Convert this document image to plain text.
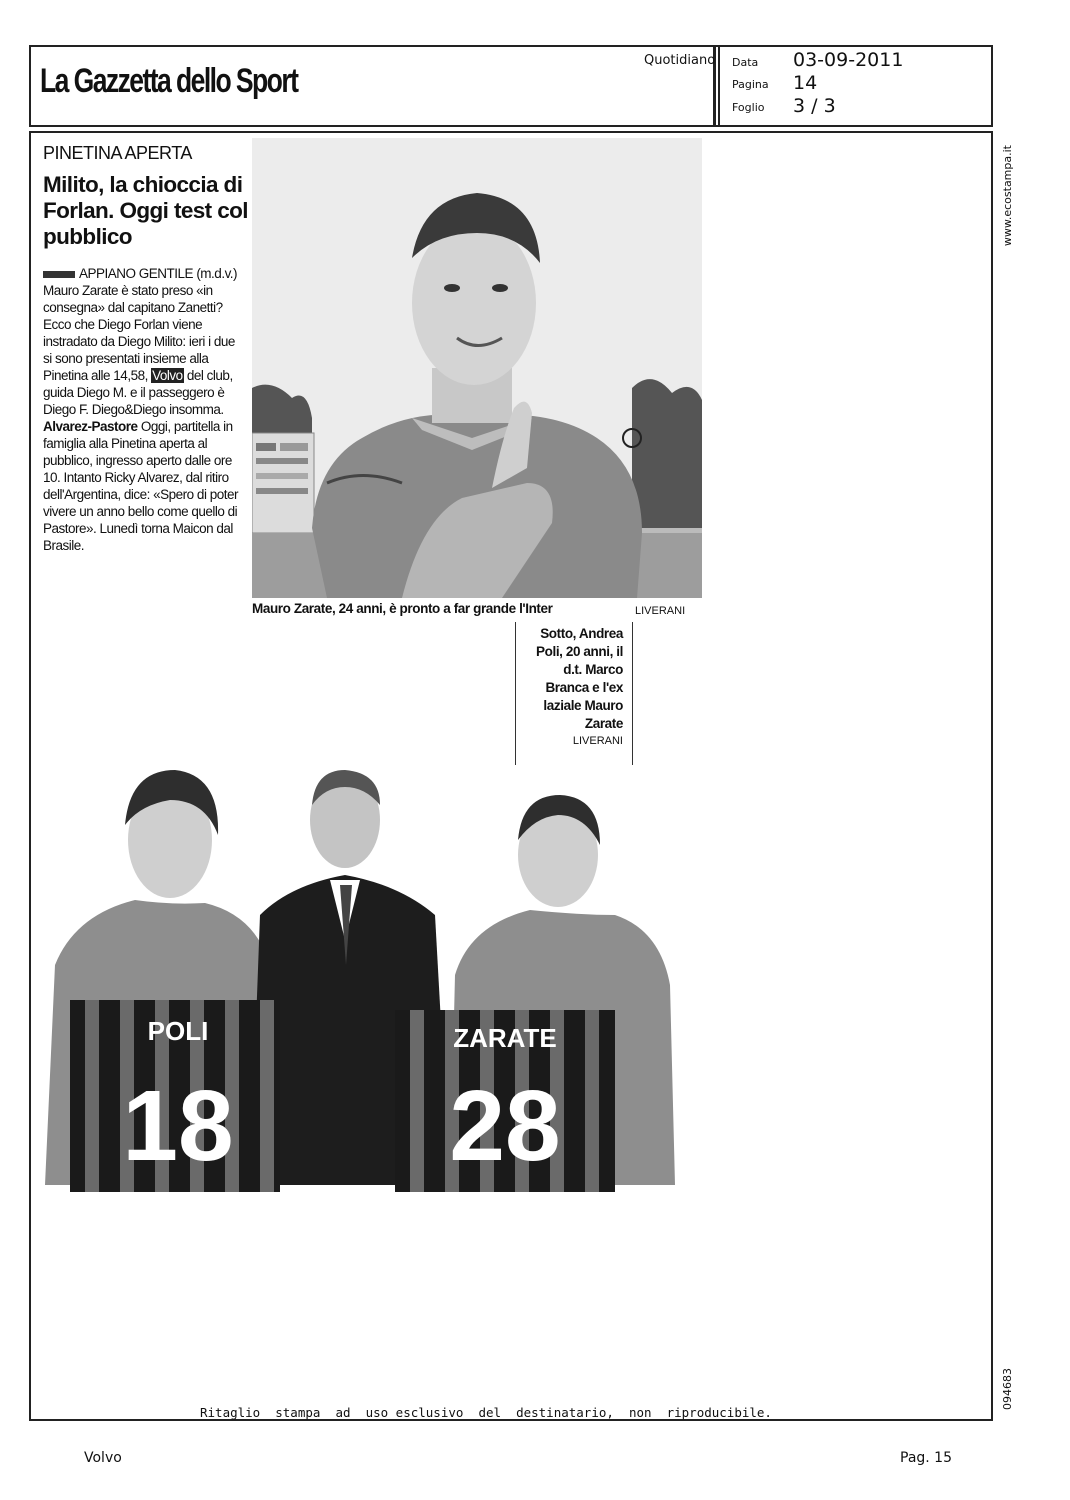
La Gazzetta dello Sport
Quotidiano Data 03-09-2011
Pagina 14
Foglio 3 / 3
www.ecostampa.it
094683
Ritaglio  stampa  ad  uso esclusivo  del  destinatario,  non  riproducibile.
PINETINA APERTA
Milito, la chioccia di Forlan. Oggi test col pubblico
APPIANO GENTILE (m.d.v.) Mauro Zarate è stato preso «in consegna» dal capitano Zanetti? Ecco che Diego Forlan viene instradato da Diego Milito: ieri i due si sono presentati insieme alla Pinetina alle 14,58, Volvo del club, guida Diego M. e il passeggero è Diego F. Diego&Diego insomma. Alvarez-Pastore Oggi, partitella in famiglia alla Pinetina aperta al pubblico, ingresso aperto dalle ore 10. Intanto Ricky Alvarez, dal ritiro dell'Argentina, dice: «Spero di poter vivere un anno bello come quello di Pastore». Lunedì torna Maicon dal Brasile.
Mauro Zarate, 24 anni, è pronto a far grande l'Inter	LIVERANI
Sotto, Andrea Poli, 20 anni, il d.t. Marco Branca e l'ex laziale Mauro Zarate
LIVERANI
POLI
18
ZARATE
28
Volvo	Pag. 15
